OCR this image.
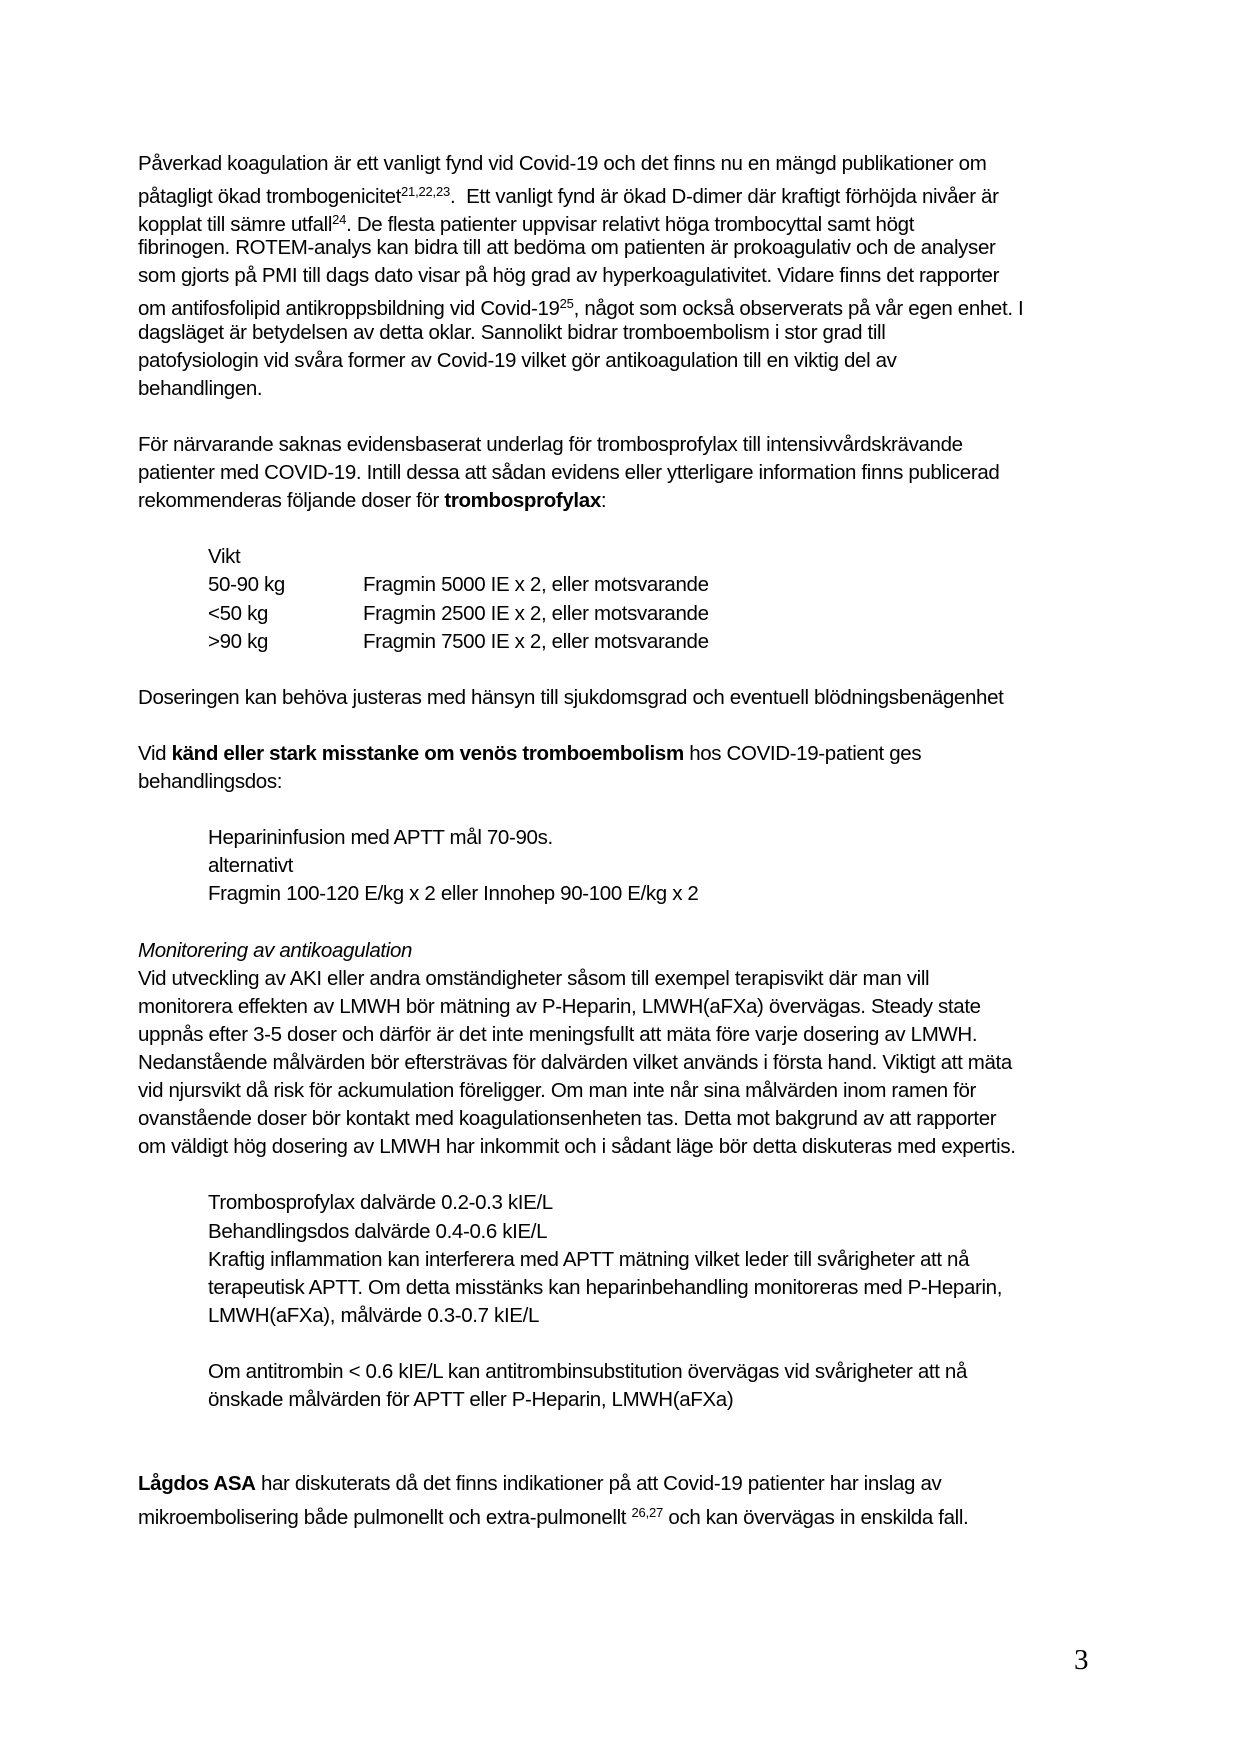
Påverkad koagulation är ett vanligt fynd vid Covid-19 och det finns nu en mängd publikationer om
påtagligt ökad trombogenicitet$^{21,22,23}$.  Ett vanligt fynd är ökad D-dimer där kraftigt förhöjda nivåer är
kopplat till sämre utfall$^{24}$. De flesta patienter uppvisar relativt höga trombocyttal samt högt
fibrinogen. ROTEM-analys kan bidra till att bedöma om patienten är prokoagulativ och de analyser
som gjorts på PMI till dags dato visar på hög grad av hyperkoagulativitet. Vidare finns det rapporter
om antifosfolipid antikroppsbildning vid Covid-$19^{25}$, något som också observerats på vår egen enhet. I
dagsläget är betydelsen av detta oklar. Sannolikt bidrar tromboembolism i stor grad till
patofysiologin vid svåra former av Covid-19 vilket gör antikoagulation till en viktig del av
behandlingen.
För närvarande saknas evidensbaserat underlag för trombosprofylax till intensivvårdskrävande
patienter med COVID-19. Intill dessa att sådan evidens eller ytterligare information finns publicerad
rekommenderas följande doser för trombosprofylax:
Vikt
50-90 kg	Fragmin 5000 IE x 2, eller motsvarande
<50 kg	Fragmin 2500 IE x 2, eller motsvarande
>90 kg	Fragmin 7500 IE x 2, eller motsvarande
Doseringen kan behöva justeras med hänsyn till sjukdomsgrad och eventuell blödningsbenägenhet
Vid känd eller stark misstanke om venös tromboembolism hos COVID-19-patient ges
behandlingsdos:
Heparininfusion med APTT mål 70-90s.
alternativt
Fragmin 100-120 E/kg x 2 eller Innohep 90-100 E/kg x 2
Monitorering av antikoagulation
Vid utveckling av AKI eller andra omständigheter såsom till exempel terapisvikt där man vill
monitorera effekten av LMWH bör mätning av P-Heparin, LMWH(aFXa) övervägas. Steady state
uppnås efter 3-5 doser och därför är det inte meningsfullt att mäta före varje dosering av LMWH.
Nedanstående målvärden bör eftersträvas för dalvärden vilket används i första hand. Viktigt att mäta
vid njursvikt då risk för ackumulation föreligger. Om man inte når sina målvärden inom ramen för
ovanstående doser bör kontakt med koagulationsenheten tas. Detta mot bakgrund av att rapporter
om väldigt hög dosering av LMWH har inkommit och i sådant läge bör detta diskuteras med expertis.
Trombosprofylax dalvärde 0.2-0.3 kIE/L
Behandlingsdos dalvärde 0.4-0.6 kIE/L
Kraftig inflammation kan interferera med APTT mätning vilket leder till svårigheter att nå
terapeutisk APTT. Om detta misstänks kan heparinbehandling monitoreras med P-Heparin,
LMWH(aFXa), målvärde 0.3-0.7 kIE/L
Om antitrombin < 0.6 kIE/L kan antitrombinsubstitution övervägas vid svårigheter att nå
önskade målvärden för APTT eller P-Heparin, LMWH(aFXa)
Lågdos ASA har diskuterats då det finns indikationer på att Covid-19 patienter har inslag av
mikroembolisering både pulmonellt och extra-pulmonellt $^{26,27}$ och kan övervägas in enskilda fall.
3
